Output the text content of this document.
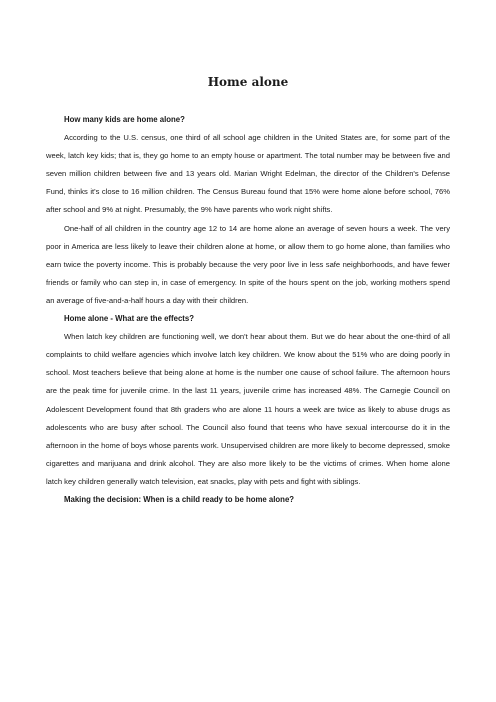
Home alone

How many kids are home alone?

According to the U.S. census, one third of all school age children in the United States are, for some part of the week, latch key kids; that is, they go home to an empty house or apartment. The total number may be between five and seven million children between five and 13 years old. Marian Wright Edelman, the director of the Children's Defense Fund, thinks it's close to 16 million children. The Census Bureau found that 15% were home alone before school, 76% after school and 9% at night. Presumably, the 9% have parents who work night shifts.

One-half of all children in the country age 12 to 14 are home alone an average of seven hours a week. The very poor in America are less likely to leave their children alone at home, or allow them to go home alone, than families who earn twice the poverty income. This is probably because the very poor live in less safe neighborhoods, and have fewer friends or family who can step in, in case of emergency. In spite of the hours spent on the job, working mothers spend an average of five-and-a-half hours a day with their children.

Home alone - What are the effects?

When latch key children are functioning well, we don't hear about them. But we do hear about the one-third of all complaints to child welfare agencies which involve latch key children. We know about the 51% who are doing poorly in school. Most teachers believe that being alone at home is the number one cause of school failure. The afternoon hours are the peak time for juvenile crime. In the last 11 years, juvenile crime has increased 48%. The Carnegie Council on Adolescent Development found that 8th graders who are alone 11 hours a week are twice as likely to abuse drugs as adolescents who are busy after school. The Council also found that teens who have sexual intercourse do it in the afternoon in the home of boys whose parents work. Unsupervised children are more likely to become depressed, smoke cigarettes and marijuana and drink alcohol. They are also more likely to be the victims of crimes. When home alone latch key children generally watch television, eat snacks, play with pets and fight with siblings.

Making the decision: When is a child ready to be home alone?
